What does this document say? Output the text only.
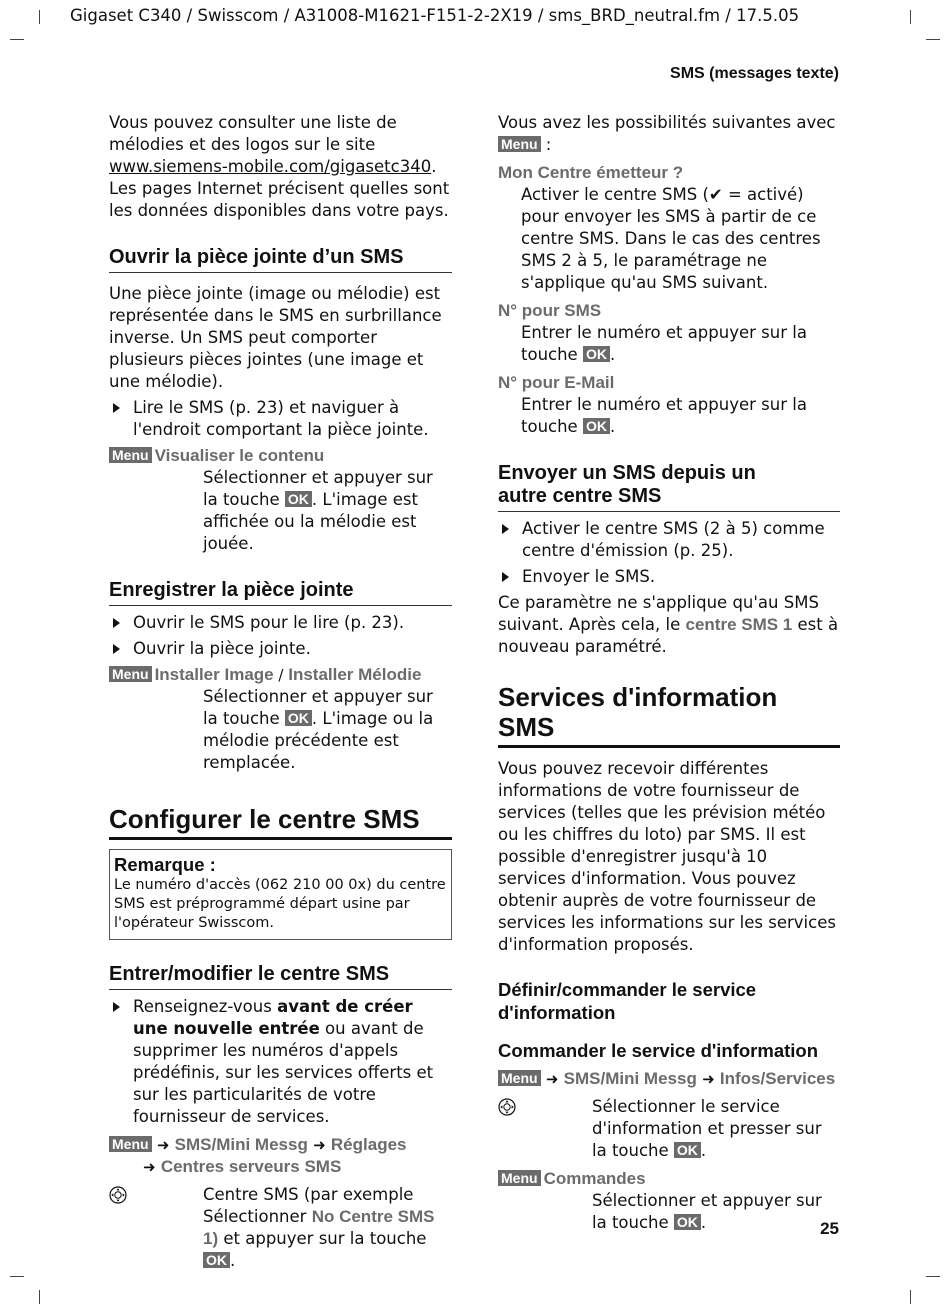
Gigaset C340 / Swisscom / A31008-M1621-F151-2-2X19 / sms_BRD_neutral.fm / 17.5.05
SMS (messages texte)
25

Vous pouvez consulter une liste de mélodies et des logos sur le site www.siemens-mobile.com/gigasetc340. Les pages Internet précisent quelles sont les données disponibles dans votre pays.

Ouvrir la pièce jointe d’un SMS

Une pièce jointe (image ou mélodie) est représentée dans le SMS en surbrillance inverse. Un SMS peut comporter plusieurs pièces jointes (une image et une mélodie).

Lire le SMS (p. 23) et naviguer à l'endroit comportant la pièce jointe.

Menu Visualiser le contenu

Sélectionner et appuyer sur la touche OK . L'image est affichée ou la mélodie est jouée.

Enregistrer la pièce jointe
Ouvrir le SMS pour le lire (p. 23).
Ouvrir la pièce jointe.

Menu Installer Image / Installer Mélodie

Sélectionner et appuyer sur la touche OK . L'image ou la mélodie précédente est remplacée.

Configurer le centre SMS
Remarque :
Le numéro d'accès (062 210 00 0x) du centre SMS est préprogrammé départ usine par l'opérateur Swisscom.
Entrer/modifier le centre SMS
Renseignez-vous avant de créer une nouvelle entrée ou avant de supprimer les numéros d'appels prédéfinis, sur les services offerts et sur les particularités de votre fournisseur de services.

Menu ➜ SMS/Mini Messg ➜ Réglages

➜ Centres serveurs SMS

Centre SMS (par exemple Sélectionner No Centre SMS 1) et appuyer sur la touche OK .

Vous avez les possibilités suivantes avec
Menu :

Mon Centre émetteur ?

Activer le centre SMS (✔ = activé) pour envoyer les SMS à partir de ce centre SMS. Dans le cas des centres SMS 2 à 5, le paramétrage ne s'applique qu'au SMS suivant.

N° pour SMS

Entrer le numéro et appuyer sur la touche OK .

N° pour E-Mail

Entrer le numéro et appuyer sur la touche OK .

Envoyer un SMS depuis un
autre centre SMS
Activer le centre SMS (2 à 5) comme centre d'émission (p. 25).
Envoyer le SMS.

Ce paramètre ne s'applique qu'au SMS suivant. Après cela, le centre SMS 1 est à nouveau paramétré.

Services d'information SMS

Vous pouvez recevoir différentes informations de votre fournisseur de services (telles que les prévision météo ou les chiffres du loto) par SMS. Il est possible d'enregistrer jusqu'à 10 services d'information. Vous pouvez obtenir auprès de votre fournisseur de services les informations sur les services d'information proposés.

Définir/commander le service
d'information
Commander le service d'information

Menu ➜ SMS/Mini Messg ➜ Infos/Services

Sélectionner le service d'information et presser sur la touche OK .

Menu Commandes

Sélectionner et appuyer sur la touche OK .
